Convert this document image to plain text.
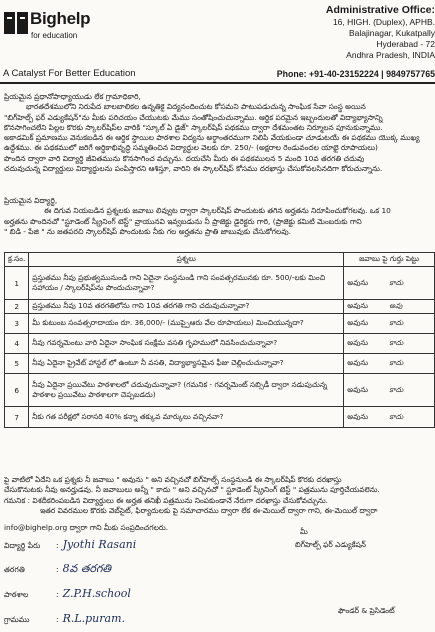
Bighelp
for education
A Catalyst For Better Education
Administrative Office:
16, HIGH. (Duplex), APHB.
Balajinagar, Kukatpally
Hyderabad - 72
Andhra Pradesh, INDIA
Phone: +91-40-23152224 | 9849757765
ప్రియమైన ప్రధానోపాధ్యాయుడు లేక గ్రామాధికారి,
భారతదేశములోని నిరుపేద బాలబాలికల ఉన్నతికై విద్యనందించుట కోసమని పాటుపడుచున్న సాంఘిక సేవా సంస్థ అయిన
"బిగ్‌హెల్ప్ ఫర్ ఎడ్యుకేషన్"ను మీకు పరిచయం చేయుటకు మేము సంతోషించుచున్నాము. ఆర్థిక పరమైన ఇబ్బందులతో విద్యాభ్యాసాన్ని
కొనసాగించలేని పిల్లల కొరకు స్కాలర్‌షిప్‌ల వారికి "స్కూల్ ఏ డైజ్" స్కాలర్‌షిప్ పథకము ద్వారా దేశమంతట నిర్మూలన పూనుకున్నాము.
అకాడమిక్ ప్రమాణము వెనుకబడిన ఈ ఆర్థిక స్థాయిల పాఠశాల విద్యను అర్థాంతరముగా నిలిపి వేయకుండా చూడుటయే ఈ పథకము యొక్క ముఖ్య
ఉద్దేశము. ఈ పథకములో జరిగే ఆర్థికాభివృద్ధి సమ్మతించిన విద్యార్థుల వెలకు రూ. 250/- (అక్షరాల రెండువందల యాభై రూపాయలు)
పొందిన ద్వారా వారి విద్యార్థి జీవితమును కొనసాగించ వచ్చును. దయచేసి మీరు ఈ పథకములన 5 మంది 10వ తరగతి చదువు
చదువుచున్న విద్యార్థులు విద్యార్థులను పంపిస్తారని ఆశిస్తూ, వారిని ఈ స్కాలర్‌షిప్ కోసము దరఖాస్తు చేసుకోవలసినదిగా కోరుచున్నాను.
ప్రియమైన విద్యార్థి,
ఈ దిగువ నియబడిన ప్రశ్నలకు జవాబు లివ్వుట ద్వారా స్కాలర్‌షిప్ పొందుటకు తగిన అర్హతను నిరూపించుకోగలవు. ఒక 10
అర్హతను పొందినచో "స్టూడెంట్ స్క్రీనింగ్ టెస్ట్" వ్రాయునవి ఇవ్వబడును నీ ప్రాజెక్టు డైరెక్టరు గారి, (ప్రాజెక్టు కమిటి మెంబరుకు గాని
" బిడి - పేజి " ను జతపరచి స్కాలర్‌షిప్ పొందుటకు నీకు గల అర్హతను ప్రాతి జాబువుకు చేసుకోగలవు.
క్ర.సం.	ప్రశ్నలు	జవాబు పై గుర్తు పెట్టు
1	ప్రస్తుతము నీవు ప్రభుత్వమునుండి గాని ఏదైనా సంస్థనుండి గాని సంవత్సరమునకు రూ. 500/-లకు మించి సహాయం / స్కాలర్‌షిప్‌ను పొందుచున్నావా?	అవును కాదు
2	ప్రస్తుతము నీవు 10వ తరగతిలోను గాని 10వ తరగతి గాని చదువుచున్నావా?	అవును అవు
3	మీ కుటుంబ సంవత్సరాదాయం రూ. 36,000/- (ముప్పైఆరు వేల రూపాయలు) మించియున్నదా?	అవును కాదు
4	నీవు గవర్నమెంటు వారి ఏదైనా సాంఘిక సంక్షేమ వసతి గృహములో నివసించుచున్నావా?	అవును కాదు
5	నీవు ఏదైనా ప్రైవేట్ హాస్టల్ లో ఉంటూ నీ వసతి, విద్యాభ్యాసమైన ఫీజు చెల్లించుచున్నావా?	అవును కాదు
6	నీవు ఏదైనా ప్రయివేటు పాఠశాలలో చదువుచున్నావా? (గమనిక - గవర్నమెంట్ సబ్సిడీ ద్వారా నడుపుచున్న పాఠశాల ప్రయివేటు పాఠశాలగా చెప్పబడదు)	అవును కాదు
7	నీకు గత పరీక్షలో సరాసరి 40% కన్నా తక్కువ మార్కులు వచ్చినవా?	అవును కాదు
పై వాటిలో ఏదేని ఒక ప్రశ్నకు నీ జవాబు " అవును " అని వచ్చినచో బిగ్‌హెల్ప్ సంస్థనుండి ఈ స్కాలర్‌షిప్ కొరకు దరఖాస్తు
చేసుకొనుటకు నీవు అనర్హుడవు. నీ జవాబులు అన్నీ " కాదు " అని వచ్చినచో " స్టూడెంట్ స్క్రీనింగ్ టెస్ట్ " పత్రమును పూర్తిచేయవలెను.
గమనిక : విశదీకరింపబడిన విద్యార్థులు ఈ అర్హత తనిఖీ పత్రమును నింపకుండానే నేరుగా దరఖాస్తు చేసుకోవచ్చును.
ఇతర వివరముల కొరకు వెబ్‌సైట్, ఫిర్యాదులకు పై సమాచారము ద్వారా లేక ఈ-మెయిల్ ద్వారా గాని, ఈ-మెయిల్ ద్వారా
info@bighelp.org ద్వారా గాని మీకు సంప్రదించగలరు.
విద్యార్థి పేరు : Jyothi Rasani
తరగతి	: 8వ తరగతి
పాఠశాల	: Z.P.H.school
గ్రామము	: R.L.puram.
మీ
బిగ్‌హెల్ప్ ఫర్ ఎడ్యుకేషన్
ఫౌండర్ & ప్రెసిడెంట్
